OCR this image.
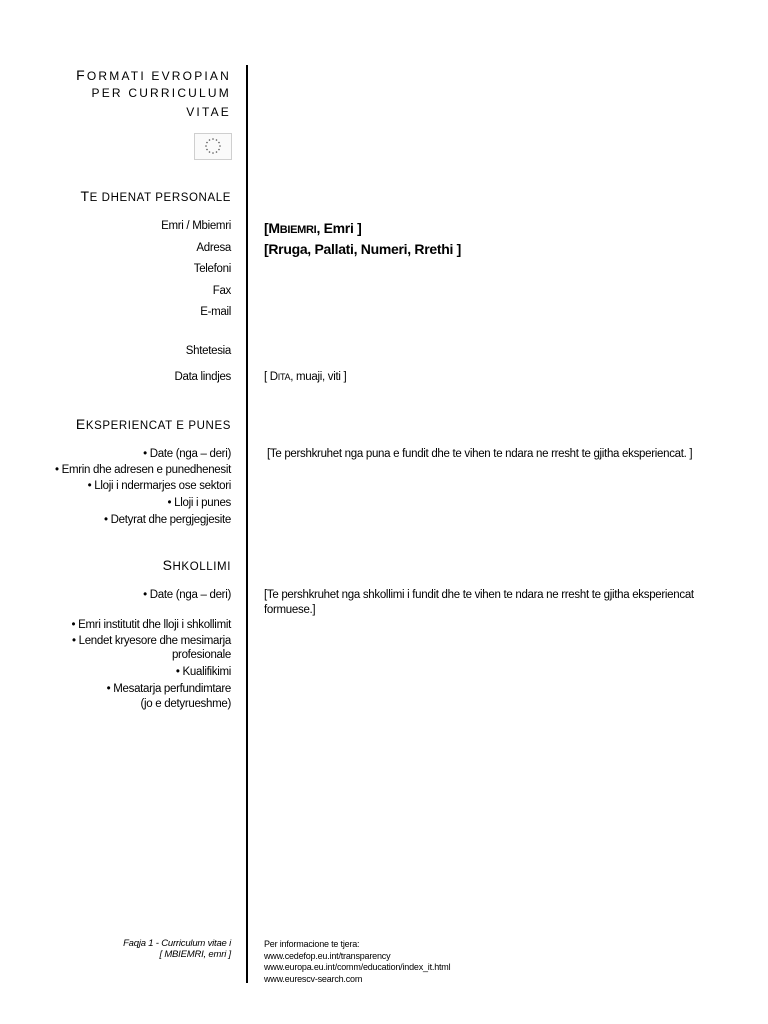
FORMATI EVROPIAN
PER CURRICULUM
VITAE
TE DHENAT PERSONALE
Emri / Mbiemri
Adresa
Telefoni
Fax
E-mail
Shtetesia
Data lindjes
[MBIEMRI, Emri ]
[Rruga, Pallati, Numeri, Rrethi ]
[ DITA, muaji, viti ]
EKSPERIENCAT E PUNES
• Date (nga – deri)
• Emrin dhe adresen e punedhenesit
• Lloji i ndermarjes ose sektori
• Lloji i punes
• Detyrat dhe pergjegjesite
[Te pershkruhet nga puna e fundit dhe te vihen te ndara ne rresht te gjitha eksperiencat. ]
SHKOLLIMI
• Date (nga – deri)
• Emri institutit dhe lloji i shkollimit
• Lendet kryesore dhe mesimarja
profesionale
• Kualifikimi
• Mesatarja perfundimtare
(jo e detyrueshme)
[Te pershkruhet nga shkollimi i fundit dhe te vihen te ndara ne rresht te gjitha eksperiencat
formuese.]
Faqja 1 - Curriculum vitae i
[ MBIEMRI, emri ]
Per informacione te tjera:
www.cedefop.eu.int/transparency
www.europa.eu.int/comm/education/index_it.html
www.eurescv-search.com
